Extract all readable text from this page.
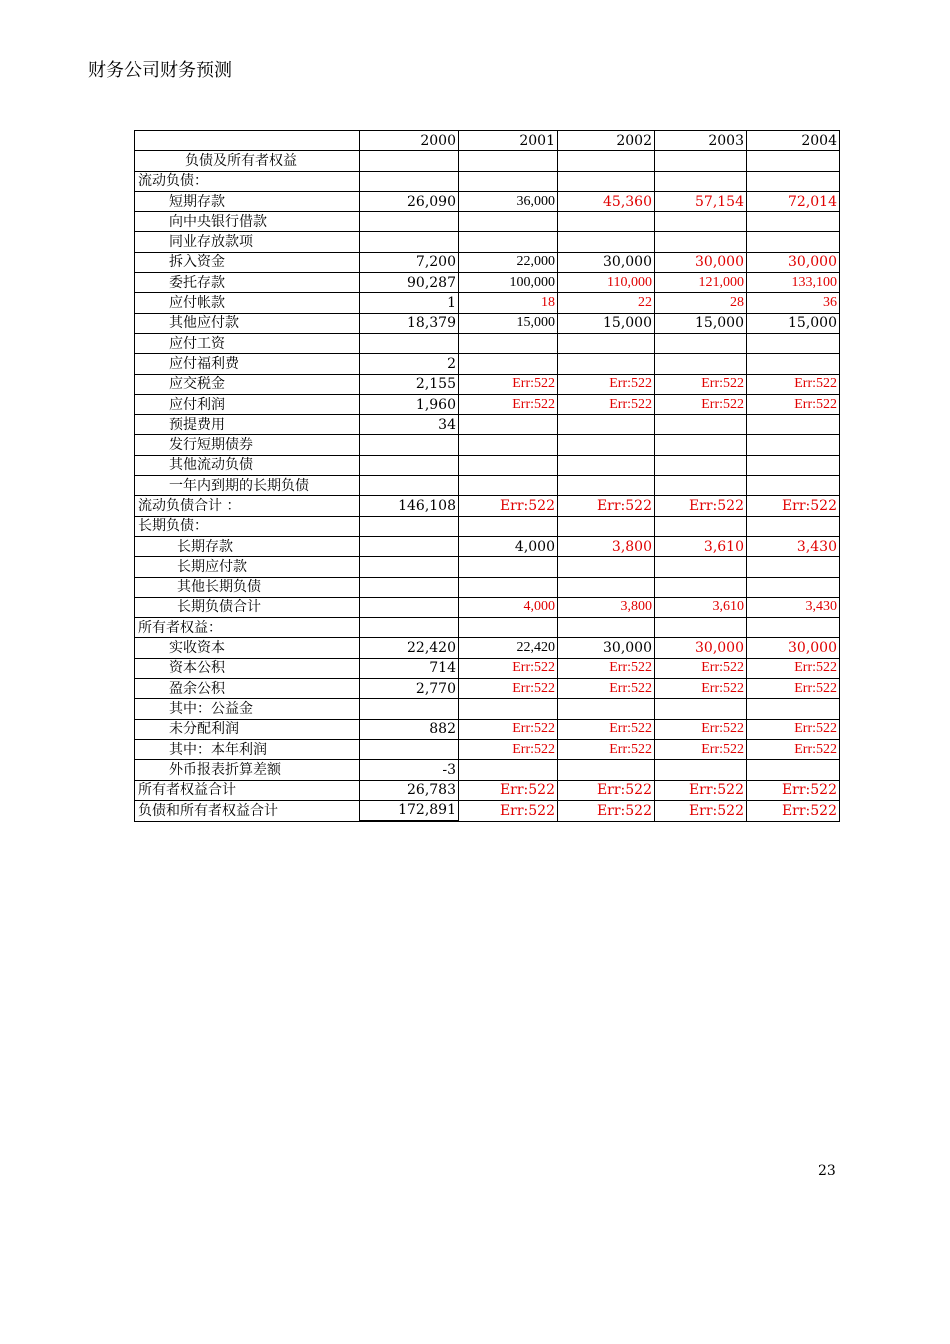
财务公司财务预测
	2000	2001	2002	2003	2004
负债及所有者权益					
流动负债：					
短期存款	26,090	36,000	45,360	57,154	72,014
向中央银行借款					
同业存放款项					
拆入资金	7,200	22,000	30,000	30,000	30,000
委托存款	90,287	100,000	110,000	121,000	133,100
应付帐款	1	18	22	28	36
其他应付款	18,379	15,000	15,000	15,000	15,000
应付工资					
应付福利费	2				
应交税金	2,155	Err:522	Err:522	Err:522	Err:522
应付利润	1,960	Err:522	Err:522	Err:522	Err:522
预提费用	34				
发行短期债券					
其他流动负债					
一年内到期的长期负债					
流动负债合计 ：	146,108	Err:522	Err:522	Err:522	Err:522
长期负债：					
长期存款		4,000	3,800	3,610	3,430
长期应付款					
其他长期负债					
长期负债合计		4,000	3,800	3,610	3,430
所有者权益：					
实收资本	22,420	22,420	30,000	30,000	30,000
资本公积	714	Err:522	Err:522	Err:522	Err:522
盈余公积	2,770	Err:522	Err:522	Err:522	Err:522
其中：公益金					
未分配利润	882	Err:522	Err:522	Err:522	Err:522
其中：本年利润		Err:522	Err:522	Err:522	Err:522
外币报表折算差额	-3				
所有者权益合计	26,783	Err:522	Err:522	Err:522	Err:522
负债和所有者权益合计	172,891	Err:522	Err:522	Err:522	Err:522
23
